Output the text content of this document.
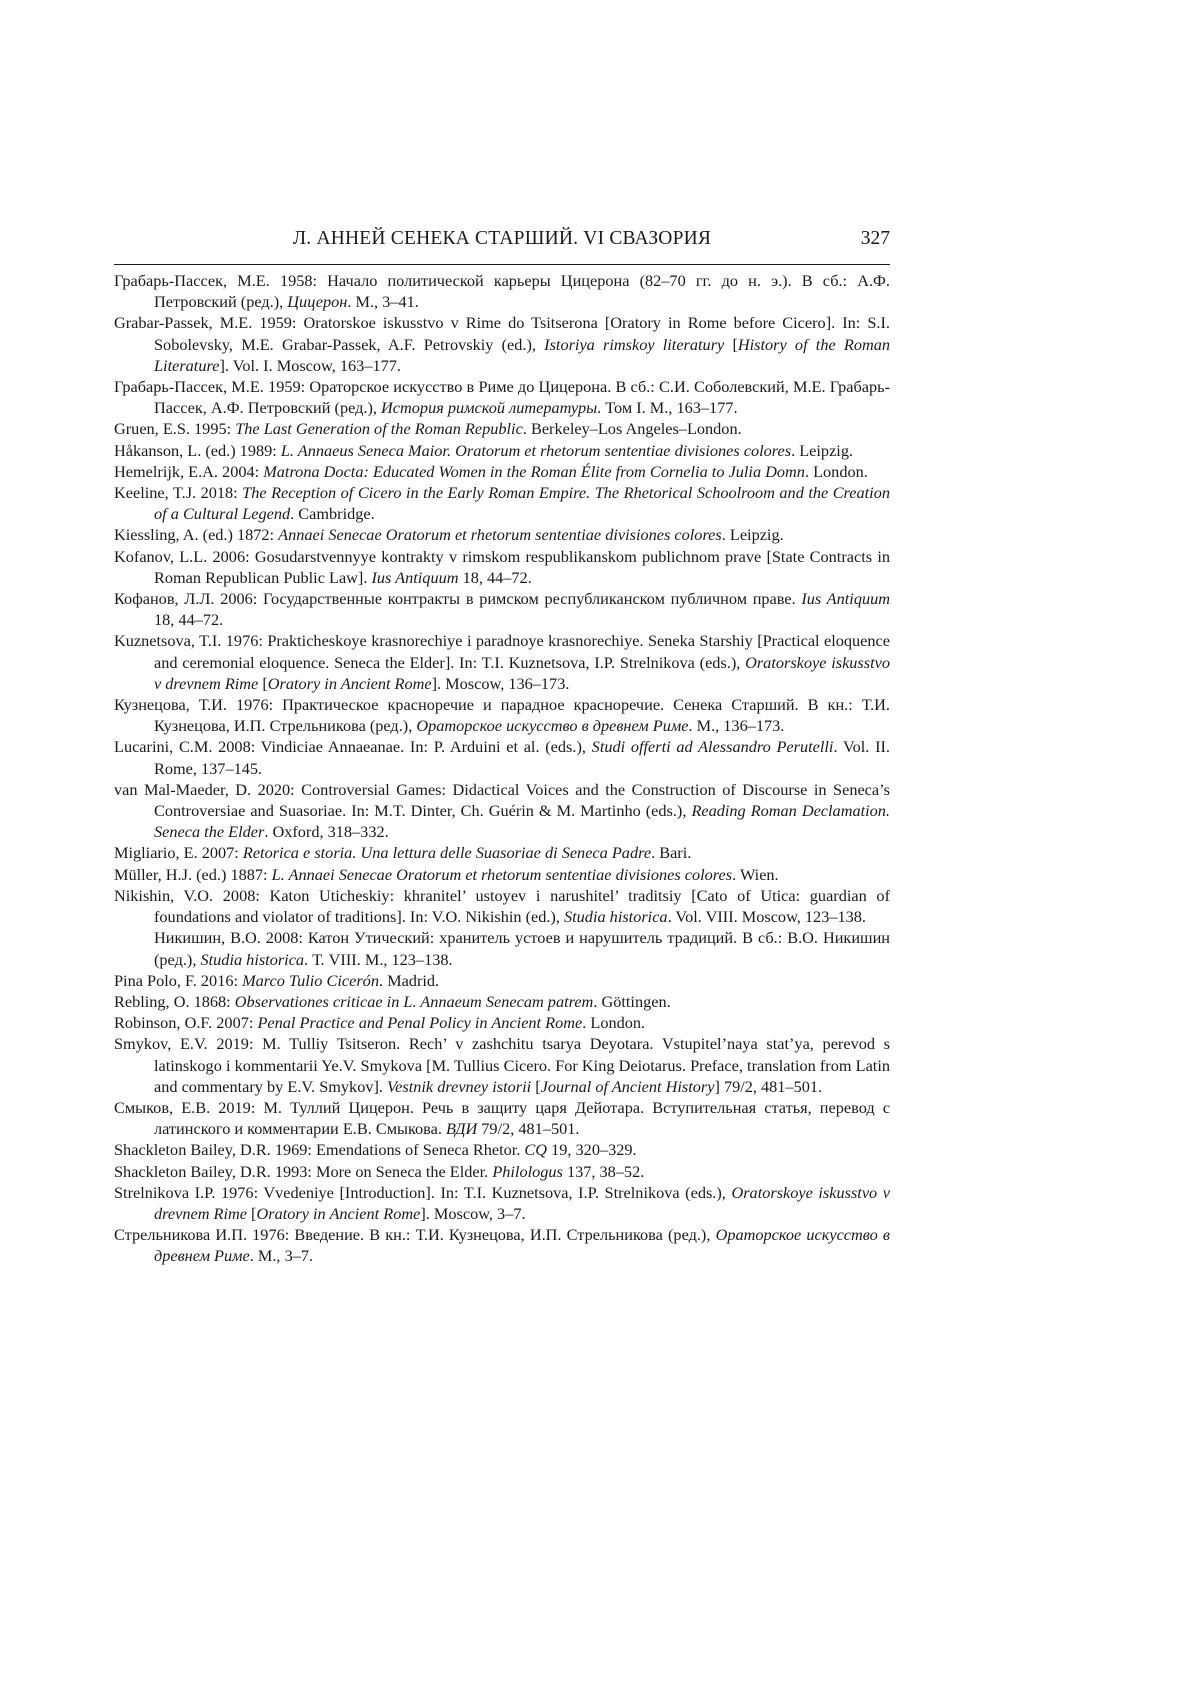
Л. АННЕЙ СЕНЕКА СТАРШИЙ. VI СВАЗОРИЯ	327

Грабарь-Пассек, М.Е. 1958: Начало политической карьеры Цицерона (82–70 гг. до н. э.). В сб.: А.Ф. Петровский (ред.), Цицерон. М., 3–41.

Grabar-Passek, M.E. 1959: Oratorskoe iskusstvo v Rime do Tsitserona [Oratory in Rome before Cicero]. In: S.I. Sobolevsky, M.E. Grabar-Passek, A.F. Petrovskiy (ed.), Istoriya rimskoy literatury [History of the Roman Literature]. Vol. I. Moscow, 163–177.

Грабарь-Пассек, М.Е. 1959: Ораторское искусство в Риме до Цицерона. В сб.: С.И. Соболевский, М.Е. Грабарь-Пассек, А.Ф. Петровский (ред.), История римской литературы. Том I. М., 163–177.

Gruen, E.S. 1995: The Last Generation of the Roman Republic. Berkeley–Los Angeles–London.

Håkanson, L. (ed.) 1989: L. Annaeus Seneca Maior. Oratorum et rhetorum sententiae divisiones colores. Leipzig.

Hemelrijk, E.A. 2004: Matrona Docta: Educated Women in the Roman Élite from Cornelia to Julia Domn. London.

Keeline, T.J. 2018: The Reception of Cicero in the Early Roman Empire. The Rhetorical Schoolroom and the Creation of a Cultural Legend. Cambridge.

Kiessling, A. (ed.) 1872: Annaei Senecae Oratorum et rhetorum sententiae divisiones colores. Leipzig.

Kofanov, L.L. 2006: Gosudarstvennyye kontrakty v rimskom respublikanskom publichnom prave [State Contracts in Roman Republican Public Law]. Ius Antiquum 18, 44–72.

Кофанов, Л.Л. 2006: Государственные контракты в римском республиканском публичном праве. Ius Antiquum 18, 44–72.

Kuznetsova, T.I. 1976: Prakticheskoye krasnorechiye i paradnoye krasnorechiye. Seneka Starshiy [Practical eloquence and ceremonial eloquence. Seneca the Elder]. In: T.I. Kuznetsova, I.P. Strelnikova (eds.), Oratorskoye iskusstvo v drevnem Rime [Oratory in Ancient Rome]. Moscow, 136–173.

Кузнецова, Т.И. 1976: Практическое красноречие и парадное красноречие. Сенека Старший. В кн.: Т.И. Кузнецова, И.П. Стрельникова (ред.), Ораторское искусство в древнем Риме. М., 136–173.

Lucarini, C.M. 2008: Vindiciae Annaeanae. In: P. Arduini et al. (eds.), Studi offerti ad Alessandro Perutelli. Vol. II. Rome, 137–145.

van Mal-Maeder, D. 2020: Controversial Games: Didactical Voices and the Construction of Discourse in Seneca’s Controversiae and Suasoriae. In: M.T. Dinter, Ch. Guérin & M. Martinho (eds.), Reading Roman Declamation. Seneca the Elder. Oxford, 318–332.

Migliario, E. 2007: Retorica e storia. Una lettura delle Suasoriae di Seneca Padre. Bari.

Müller, H.J. (ed.) 1887: L. Annaei Senecae Oratorum et rhetorum sententiae divisiones colores. Wien.

Nikishin, V.O. 2008: Katon Uticheskiy: khranitel’ ustoyev i narushitel’ traditsiy [Cato of Utica: guardian of foundations and violator of traditions]. In: V.O. Nikishin (ed.), Studia historica. Vol. VIII. Moscow, 123–138.

Никишин, В.О. 2008: Катон Утический: хранитель устоев и нарушитель традиций. В сб.: В.О. Никишин (ред.), Studia historica. Т. VIII. М., 123–138.

Pina Polo, F. 2016: Marco Tulio Cicerón. Madrid.

Rebling, O. 1868: Observationes criticae in L. Annaeum Senecam patrem. Göttingen.

Robinson, O.F. 2007: Penal Practice and Penal Policy in Ancient Rome. London.

Smykov, E.V. 2019: M. Tulliy Tsitseron. Rech’ v zashchitu tsarya Deyotara. Vstupitel’naya stat’ya, perevod s latinskogo i kommentarii Ye.V. Smykova [M. Tullius Cicero. For King Deiotarus. Preface, translation from Latin and commentary by E.V. Smykov]. Vestnik drevney istorii [Journal of Ancient History] 79/2, 481–501.

Смыков, Е.В. 2019: М. Туллий Цицерон. Речь в защиту царя Дейотара. Вступительная статья, перевод с латинского и комментарии Е.В. Смыкова. ВДИ 79/2, 481–501.

Shackleton Bailey, D.R. 1969: Emendations of Seneca Rhetor. CQ 19, 320–329.

Shackleton Bailey, D.R. 1993: More on Seneca the Elder. Philologus 137, 38–52.

Strelnikova I.P. 1976: Vvedeniye [Introduction]. In: T.I. Kuznetsova, I.P. Strelnikova (eds.), Oratorskoye iskusstvo v drevnem Rime [Oratory in Ancient Rome]. Moscow, 3–7.

Стрельникова И.П. 1976: Введение. В кн.: Т.И. Кузнецова, И.П. Стрельникова (ред.), Ораторское искусство в древнем Риме. М., 3–7.
